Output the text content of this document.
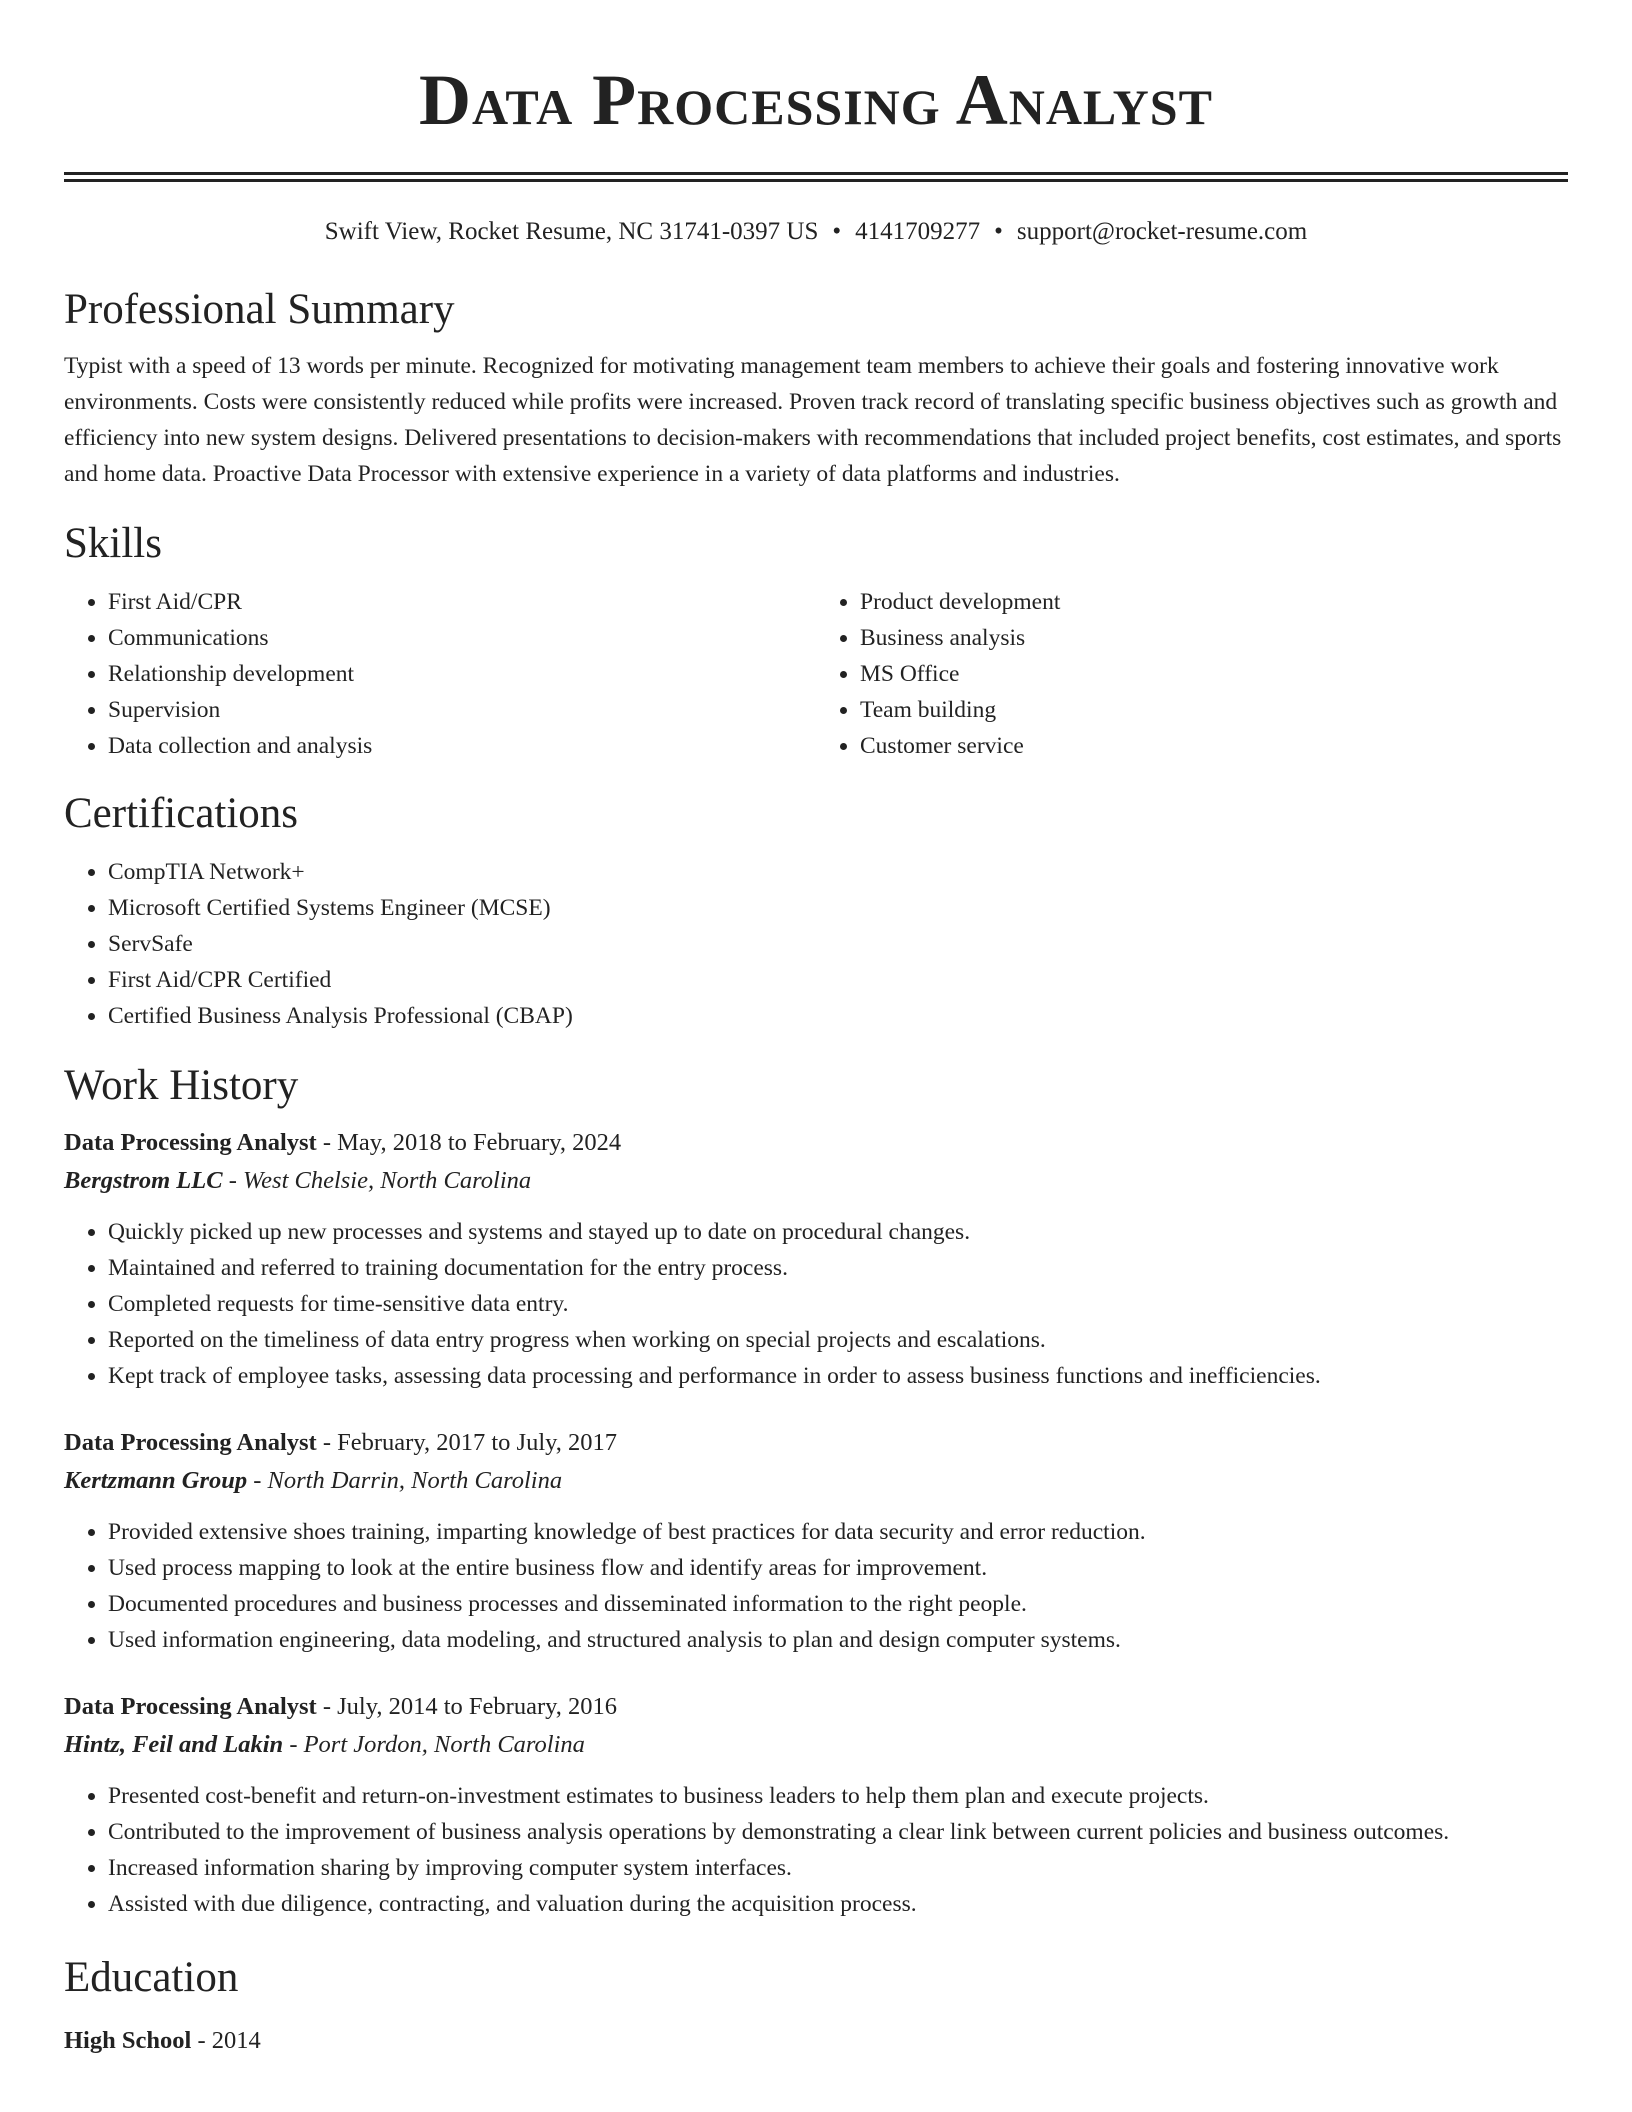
Data Processing Analyst
Swift View, Rocket Resume, NC 31741-0397 US • 4141709277 • support@rocket-resume.com
Professional Summary

Typist with a speed of 13 words per minute. Recognized for motivating management team members to achieve their goals and fostering innovative work environments. Costs were consistently reduced while profits were increased. Proven track record of translating specific business objectives such as growth and efficiency into new system designs. Delivered presentations to decision-makers with recommendations that included project benefits, cost estimates, and sports and home data. Proactive Data Processor with extensive experience in a variety of data platforms and industries.

Skills
• First Aid/CPR
• Communications
• Relationship development
• Supervision
• Data collection and analysis
• Product development
• Business analysis
• MS Office
• Team building
• Customer service
Certifications
• CompTIA Network+
• Microsoft Certified Systems Engineer (MCSE)
• ServSafe
• First Aid/CPR Certified
• Certified Business Analysis Professional (CBAP)
Work History
Data Processing Analyst - May, 2018 to February, 2024
Bergstrom LLC - West Chelsie, North Carolina
• Quickly picked up new processes and systems and stayed up to date on procedural changes.
• Maintained and referred to training documentation for the entry process.
• Completed requests for time-sensitive data entry.
• Reported on the timeliness of data entry progress when working on special projects and escalations.
• Kept track of employee tasks, assessing data processing and performance in order to assess business functions and inefficiencies.
Data Processing Analyst - February, 2017 to July, 2017
Kertzmann Group - North Darrin, North Carolina
• Provided extensive shoes training, imparting knowledge of best practices for data security and error reduction.
• Used process mapping to look at the entire business flow and identify areas for improvement.
• Documented procedures and business processes and disseminated information to the right people.
• Used information engineering, data modeling, and structured analysis to plan and design computer systems.
Data Processing Analyst - July, 2014 to February, 2016
Hintz, Feil and Lakin - Port Jordon, North Carolina
• Presented cost-benefit and return-on-investment estimates to business leaders to help them plan and execute projects.
• Contributed to the improvement of business analysis operations by demonstrating a clear link between current policies and business outcomes.
• Increased information sharing by improving computer system interfaces.
• Assisted with due diligence, contracting, and valuation during the acquisition process.
Education
High School - 2014
